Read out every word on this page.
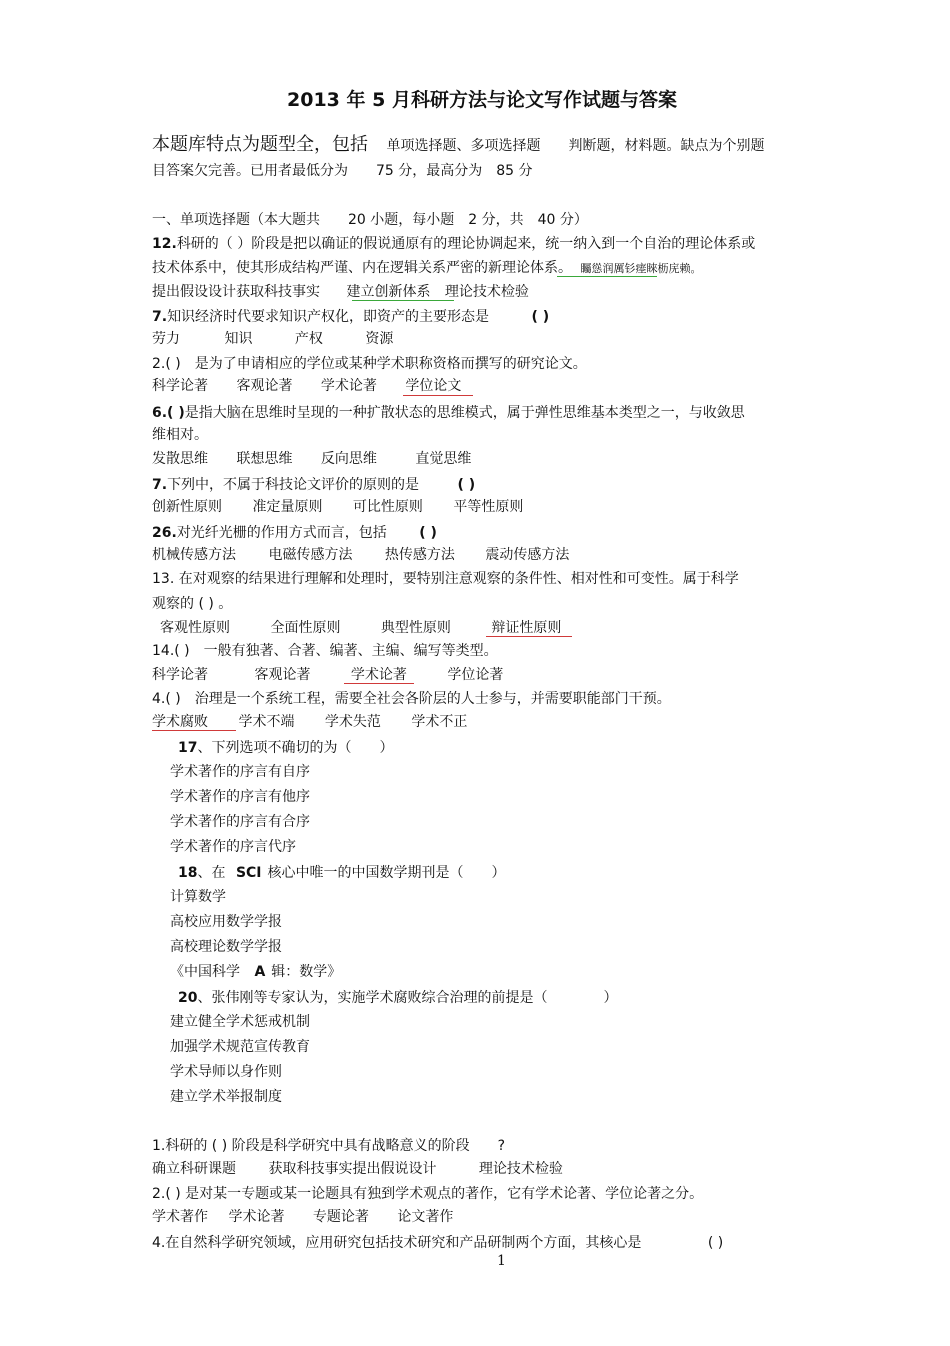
2013 年 5 月科研方法与论文写作试题与答案
本题库特点为题型全，包括 单项选择题、多项选择题　　判断题，材料题。缺点为个别题
目答案欠完善。已用者最低分为　　75 分，最高分为　85 分
一、单项选择题（本大题共　　20 小题，每小题　2 分，共　40 分）
12.科研的（ ）阶段是把以确证的假说通原有的理论协调起来，统一纳入到一个自治的理论体系或
技术体系中，使其形成结构严谨、内在逻辑关系严密的新理论体系。 矚慫润厲钐瘗睞枥庑赖。
提出假设设计获取科技事实 建立创新体系 理论技术检验
7.知识经济时代要求知识产权化，即资产的主要形态是	( )
劳力	知识	产权	资源
2.( )　是为了申请相应的学位或某种学术职称资格而撰写的研究论文。
科学论著 客观论著 学术论著 学位论文
6.( )是指大脑在思维时呈现的一种扩散状态的思维模式，属于弹性思维基本类型之一，与收敛思
维相对。
发散思维 联想思维 反向思维	直觉思维
7.下列中，不属于科技论文评价的原则的是	( )
创新性原则 准定量原则 可比性原则 平等性原则
26.对光纤光栅的作用方式而言，包括 ( )
机械传感方法 电磁传感方法 热传感方法 震动传感方法
13. 在对观察的结果进行理解和处理时，要特别注意观察的条件性、相对性和可变性。属于科学
观察的 ( ) 。
客观性原则	全面性原则	典型性原则	辩证性原则
14.( )　一般有独著、合著、编著、主编、编写等类型。
科学论著	客观论著	学术论著	学位论著
4.( )　治理是一个系统工程，需要全社会各阶层的人士参与，并需要职能部门干预。
学术腐败 学术不端 学术失范 学术不正
17、下列选项不确切的为（　　）
学术著作的序言有自序
学术著作的序言有他序
学术著作的序言有合序
学术著作的序言代序
18、在 SCI 核心中唯一的中国数学期刊是（　　）
计算数学
高校应用数学学报
高校理论数学学报
《中国科学 A 辑：数学》
20、张伟刚等专家认为，实施学术腐败综合治理的前提是（　　　　）
建立健全学术惩戒机制
加强学术规范宣传教育
学术导师以身作则
建立学术举报制度
1.科研的 ( ) 阶段是科学研究中具有战略意义的阶段　　?
确立科研课题 获取科技事实提出假说设计	理论技术检验
2.( ) 是对某一专题或某一论题具有独到学术观点的著作，它有学术论著、学位论著之分。
学术著作 学术论著 专题论著 论文著作
4.在自然科学研究领域，应用研究包括技术研究和产品研制两个方面，其核心是	( )
1
